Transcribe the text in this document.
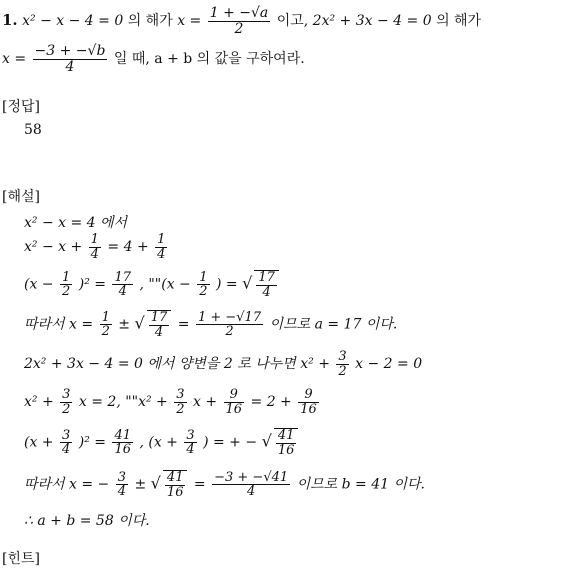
1. x² − x − 4 = 0 의 해가 $x = \frac{1 + -√a}{2}$ 이고, 2x² + 3x − 4 = 0 의 해가
$x = \frac{-3 + -√b}{4}$ 일 때, a + b 의 값을 구하여라.
[정답]
58
[해설]
x² − x = 4 에서
$x^2 - x + \frac{1}{4} = 4 + \frac{1}{4}$
$(x - \frac{1}{2} )^2 = \frac{17}{4}$ , ""($x - \frac{1}{2}$ ) = √ $\frac{17}{4}$
따라서 $x = \frac{1}{2}$ ± √ $\frac{17}{4} = \frac{1 + -√17}{2}$ 이므로 a = 17 이다.
2x² + 3x − 4 = 0 에서 양변을 2 로 나누면 $x^2 + \frac{3}{2}$ x − 2 = 0
$x^2 + \frac{3}{2}$ x = 2, ""$x^2 + \frac{3}{2}$ $x + \frac{9}{16} = 2 + \frac{9}{16}$
$(x + \frac{3}{4} )^2 = \frac{41}{16}$ , ($x + \frac{3}{4}$ ) = + − √ $\frac{41}{16}$
따라서 x = − $\frac{3}{4}$ ± √ $\frac{41}{16} = \frac{-3 + -√41}{4}$ 이므로 b = 41 이다.
∴ a + b = 58 이다.
[힌트]
